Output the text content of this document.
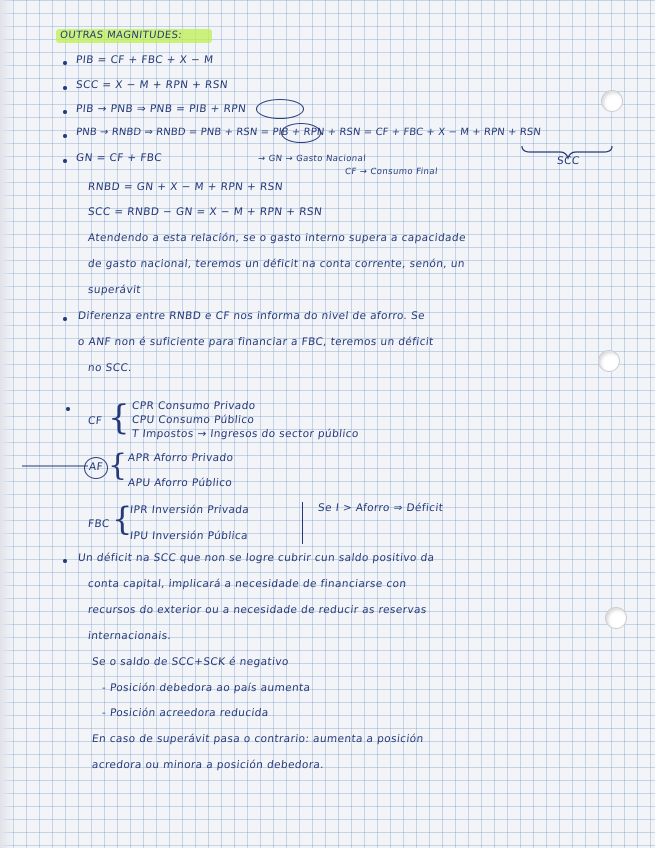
OUTRAS MAGNITUDES:
PIB = CF + FBC + X − M
SCC = X − M + RPN + RSN
PIB → PNB ⇒ PNB = PIB + RPN
PNB → RNBD ⇒ RNBD = PNB + RSN = PIB + RPN + RSN = CF + FBC + X − M + RPN + RSN
SCC
GN = CF + FBC	→ GN → Gasto Nacional
CF → Consumo Final
RNBD = GN + X − M + RPN + RSN
SCC = RNBD − GN = X − M + RPN + RSN
Atendendo a esta relación, se o gasto interno supera a capacidade
de gasto nacional, teremos un déficit na conta corrente, senón, un
superávit
Diferenza entre RNBD e CF nos informa do nivel de aforro. Se
o ANF non é suficiente para financiar a FBC, teremos un déficit
no SCC.
CF { CPR Consumo Privado
CPU Consumo Público
T Impostos → Ingresos do sector público
AF { APR Aforro Privado
APU Aforro Público
FBC {
IPR Inversión Privada
IPU Inversión Pública
Se I > Aforro ⇒ Déficit
Un déficit na SCC que non se logre cubrir cun saldo positivo da
conta capital, implicará a necesidade de financiarse con
recursos do exterior ou a necesidade de reducir as reservas
internacionais.
Se o saldo de SCC+SCK é negativo
- Posición debedora ao país aumenta
- Posición acreedora reducida
En caso de superávit pasa o contrario: aumenta a posición
acredora ou minora a posición debedora.
